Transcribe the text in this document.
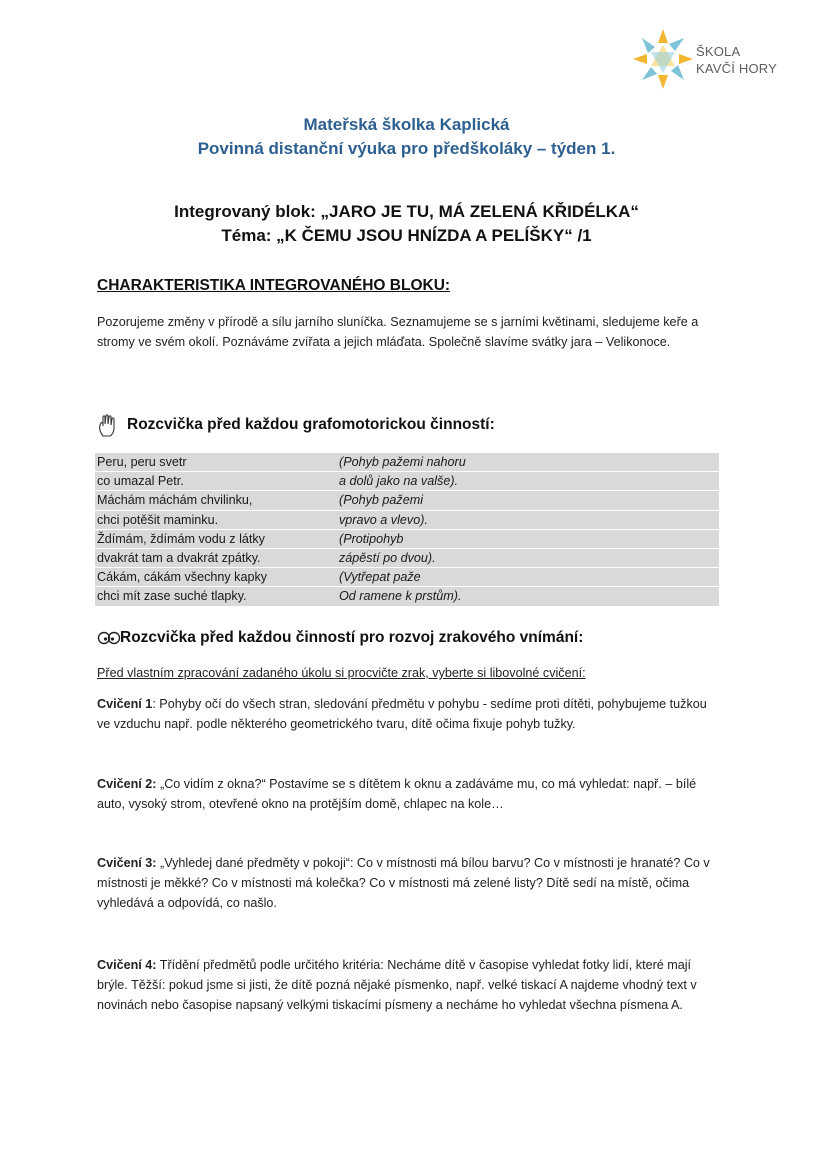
ŠKOLA
KAVČÍ HORY
Mateřská školka Kaplická
Povinná distanční výuka pro předškoláky – týden 1.
Integrovaný blok: „JARO JE TU, MÁ ZELENÁ KŘIDÉLKA“
Téma: „K ČEMU JSOU HNÍZDA A PELÍŠKY“ /1
CHARAKTERISTIKA INTEGROVANÉHO BLOKU:
Pozorujeme změny v přírodě a sílu jarního sluníčka. Seznamujeme se s jarními květinami, sledujeme keře a stromy ve svém okolí. Poznáváme zvířata a jejich mláďata. Společně slavíme svátky jara – Velikonoce.
Rozcvička před každou grafomotorickou činností:
Peru, peru svetr	(Pohyb pažemi nahoru
co umazal Petr.	a dolů jako na valše).
Máchám máchám chvilinku,	(Pohyb pažemi
chci potěšit maminku.	vpravo a vlevo).
Ždímám, ždímám vodu z látky	(Protipohyb
dvakrát tam a dvakrát zpátky.	zápěstí po dvou).
Cákám, cákám všechny kapky	(Vytřepat paže
chci mít zase suché tlapky.	Od ramene k prstům).
Rozcvička před každou činností pro rozvoj zrakového vnímání:
Před vlastním zpracování zadaného úkolu si procvičte zrak, vyberte si libovolné cvičení:
Cvičení 1: Pohyby očí do všech stran, sledování předmětu v pohybu - sedíme proti dítěti, pohybujeme tužkou ve vzduchu např. podle některého geometrického tvaru, dítě očima fixuje pohyb tužky.
Cvičení 2: „Co vidím z okna?“ Postavíme se s dítětem k oknu a zadáváme mu, co má vyhledat: např. – bílé auto, vysoký strom, otevřené okno na protějším domě, chlapec na kole…
Cvičení 3: „Vyhledej dané předměty v pokoji“: Co v místnosti má bílou barvu? Co v místnosti je hranaté? Co v místnosti je měkké? Co v místnosti má kolečka? Co v místnosti má zelené listy? Dítě sedí na místě, očima vyhledává a odpovídá, co našlo.
Cvičení 4: Třídění předmětů podle určitého kritéria: Necháme dítě v časopise vyhledat fotky lidí, které mají brýle. Těžší: pokud jsme si jisti, že dítě pozná nějaké písmenko, např. velké tiskací A najdeme vhodný text v novinách nebo časopise napsaný velkými tiskacími písmeny a necháme ho vyhledat všechna písmena A.
